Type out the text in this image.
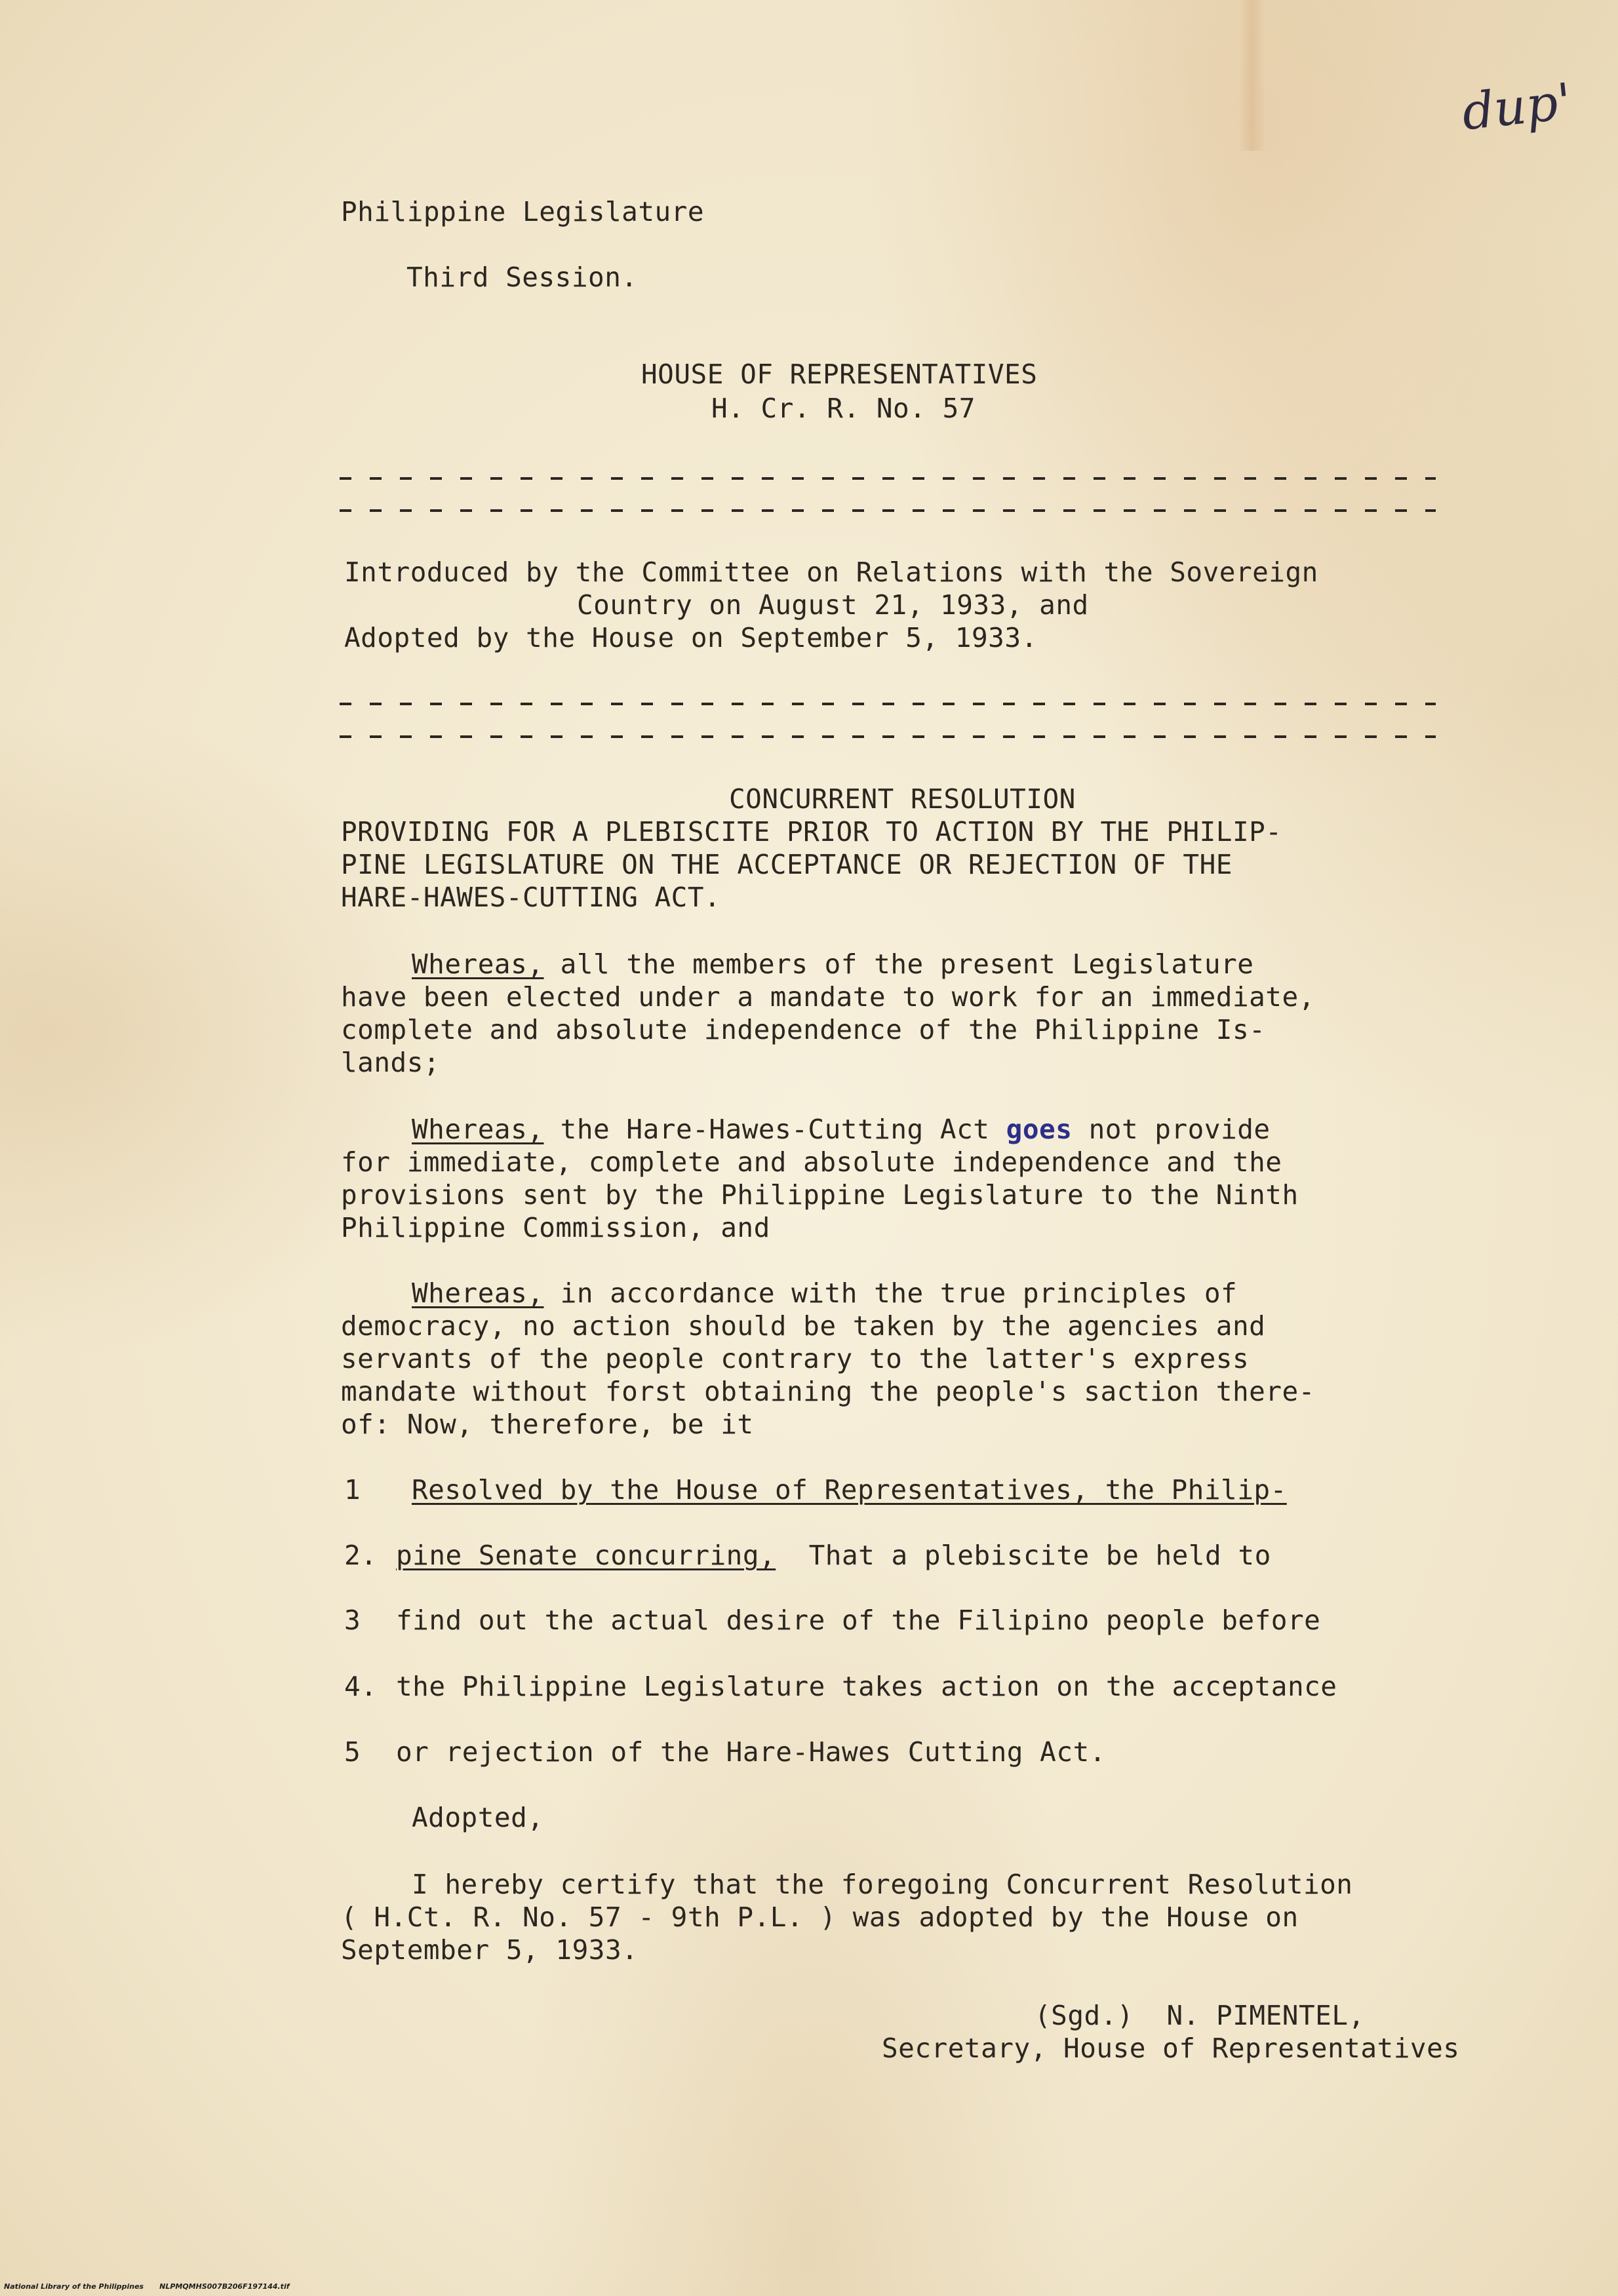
dup'
Philippine Legislature
Third Session.
HOUSE OF REPRESENTATIVES
H. Cr. R. No. 57
Introduced by the Committee on Relations with the Sovereign
Country on August 21, 1933, and
Adopted by the House on September 5, 1933.
CONCURRENT RESOLUTION
PROVIDING FOR A PLEBISCITE PRIOR TO ACTION BY THE PHILIP-
PINE LEGISLATURE ON THE ACCEPTANCE OR REJECTION OF THE
HARE-HAWES-CUTTING ACT.
Whereas, all the members of the present Legislature
have been elected under a mandate to work for an immediate,
complete and absolute independence of the Philippine Is-
lands;
Whereas, the Hare-Hawes-Cutting Act goes not provide
for immediate, complete and absolute independence and the
provisions sent by the Philippine Legislature to the Ninth
Philippine Commission, and
Whereas, in accordance with the true principles of
democracy, no action should be taken by the agencies and
servants of the people contrary to the latter's express
mandate without forst obtaining the people's saction there-
of: Now, therefore, be it
1 Resolved by the House of Representatives, the Philip-
2. pine Senate concurring,  That a plebiscite be held to
3 find out the actual desire of the Filipino people before
4. the Philippine Legislature takes action on the acceptance
5 or rejection of the Hare-Hawes Cutting Act.
Adopted,
I hereby certify that the foregoing Concurrent Resolution
( H.Ct. R. No. 57 - 9th P.L. ) was adopted by the House on
September 5, 1933.
(Sgd.)  N. PIMENTEL,
Secretary, House of Representatives
National Library of the Philippines NLPMQMHS007B206F197144.tif
